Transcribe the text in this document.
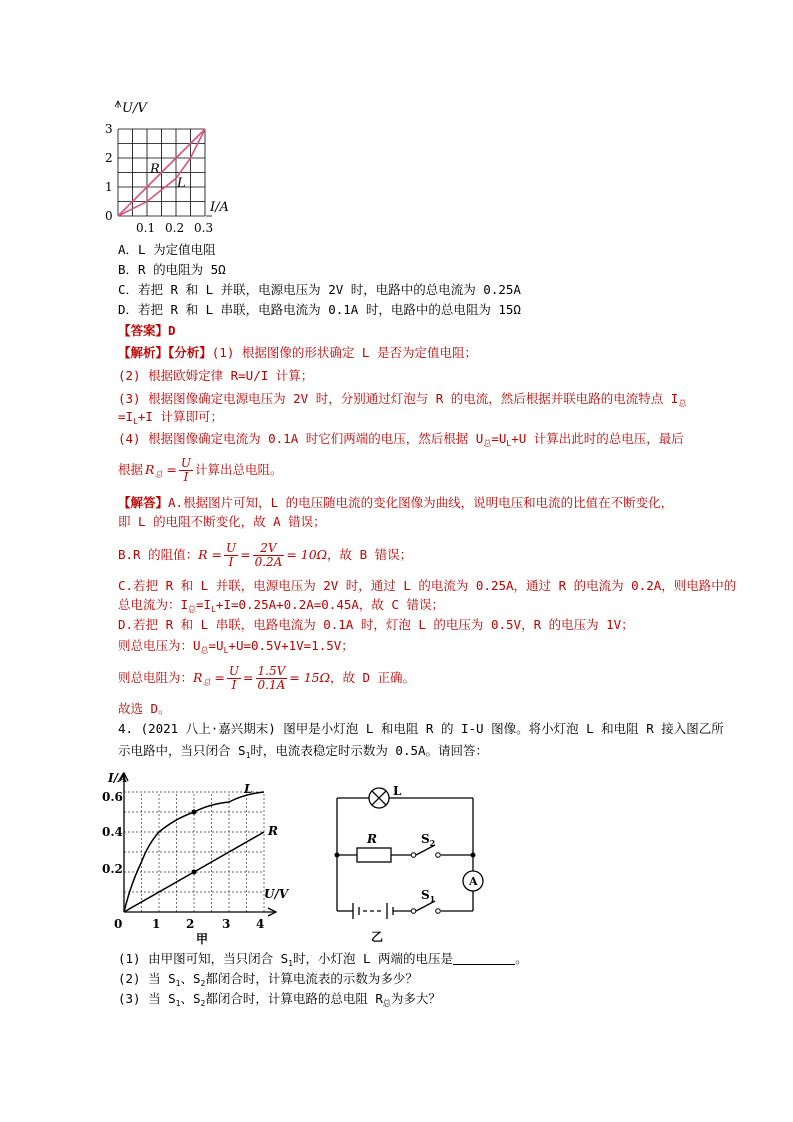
U/V
I/A
0
1
2
3
0.1 0.2 0.3
R
L
A．L 为定值电阻
B．R 的电阻为 5Ω
C．若把 R 和 L 并联，电源电压为 2V 时，电路中的总电流为 0.25A
D．若把 R 和 L 串联，电路电流为 0.1A 时，电路中的总电阻为 15Ω
【答案】D
【解析】【分析】(1) 根据图像的形状确定 L 是否为定值电阻；
(2) 根据欧姆定律 R=U/I 计算；
(3) 根据图像确定电源电压为 2V 时，分别通过灯泡与 R 的电流，然后根据并联电路的电流特点 $I_总$
$=I_L+I$ 计算即可；
(4) 根据图像确定电流为 0.1A 时它们两端的电压，然后根据 $U_总=U_L+U$ 计算出此时的总电压，最后
根据 $R_总 = \frac{U}{I}$ 计算出总电阻。
【解答】A.根据图片可知，L 的电压随电流的变化图像为曲线，说明电压和电流的比值在不断变化，
即 L 的电阻不断变化，故 A 错误；
B.R 的阻值：$R = \frac{U}{I} = \frac{2V}{0.2A} = 10\Omega$，故 B 错误；
C.若把 R 和 L 并联，电源电压为 2V 时，通过 L 的电流为 0.25A，通过 R 的电流为 0.2A，则电路中的
总电流为：$I_总=I_L+I=0.25A+0.2A=0.45A$，故 C 错误；
D.若把 R 和 L 串联，电路电流为 0.1A 时，灯泡 L 的电压为 0.5V，R 的电压为 1V；
则总电压为：$U_总=U_L+U=0.5V+1V=1.5V$；
则总电阻为：$R_总 = \frac{U}{I} = \frac{1.5V}{0.1A} = 15\Omega$，故 D 正确。
故选 D。
4. (2021 八上·嘉兴期末) 图甲是小灯泡 L 和电阻 R 的 I-U 图像。将小灯泡 L 和电阻 R 接入图乙所
示电路中，当只闭合 $S_1$时，电流表稳定时示数为 0.5A。请回答：
I/A
U/V
0.6
0.4
0.2
0 1 2 3 4
L
R
甲
L
R	$S_2$
$S_1$
A
乙
(1) 由甲图可知，当只闭合 $S_1$时，小灯泡 L 两端的电压是	。
(2) 当 $S_1$、$S_2$都闭合时，计算电流表的示数为多少？
(3) 当 $S_1$、$S_2$都闭合时，计算电路的总电阻 $R_总$为多大？
